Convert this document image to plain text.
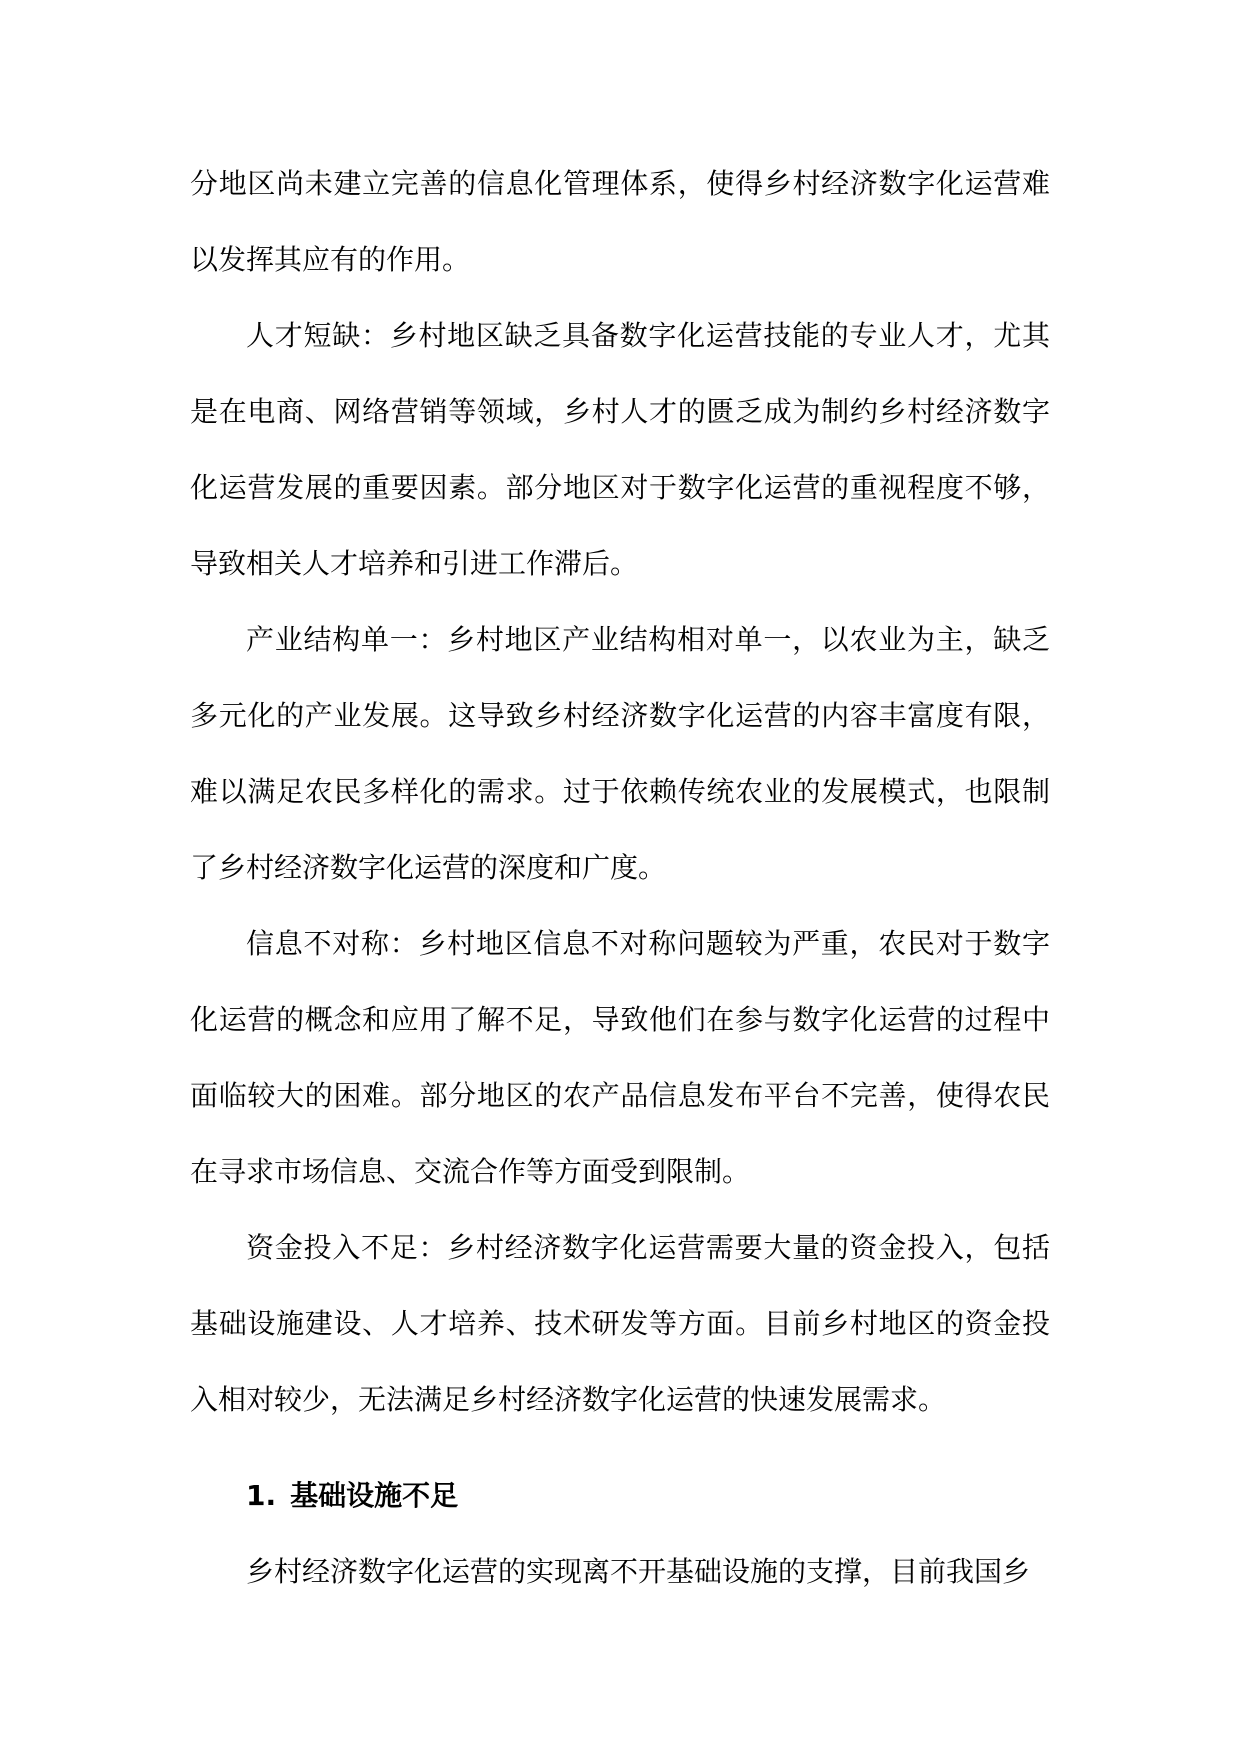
分地区尚未建立完善的信息化管理体系，使得乡村经济数字化运营难以发挥其应有的作用。

人才短缺：乡村地区缺乏具备数字化运营技能的专业人才，尤其是在电商、网络营销等领域，乡村人才的匮乏成为制约乡村经济数字化运营发展的重要因素。部分地区对于数字化运营的重视程度不够，导致相关人才培养和引进工作滞后。

产业结构单一：乡村地区产业结构相对单一，以农业为主，缺乏多元化的产业发展。这导致乡村经济数字化运营的内容丰富度有限，难以满足农民多样化的需求。过于依赖传统农业的发展模式，也限制了乡村经济数字化运营的深度和广度。

信息不对称：乡村地区信息不对称问题较为严重，农民对于数字化运营的概念和应用了解不足，导致他们在参与数字化运营的过程中面临较大的困难。部分地区的农产品信息发布平台不完善，使得农民在寻求市场信息、交流合作等方面受到限制。

资金投入不足：乡村经济数字化运营需要大量的资金投入，包括基础设施建设、人才培养、技术研发等方面。目前乡村地区的资金投入相对较少，无法满足乡村经济数字化运营的快速发展需求。

1. 基础设施不足

乡村经济数字化运营的实现离不开基础设施的支撑，目前我国乡
